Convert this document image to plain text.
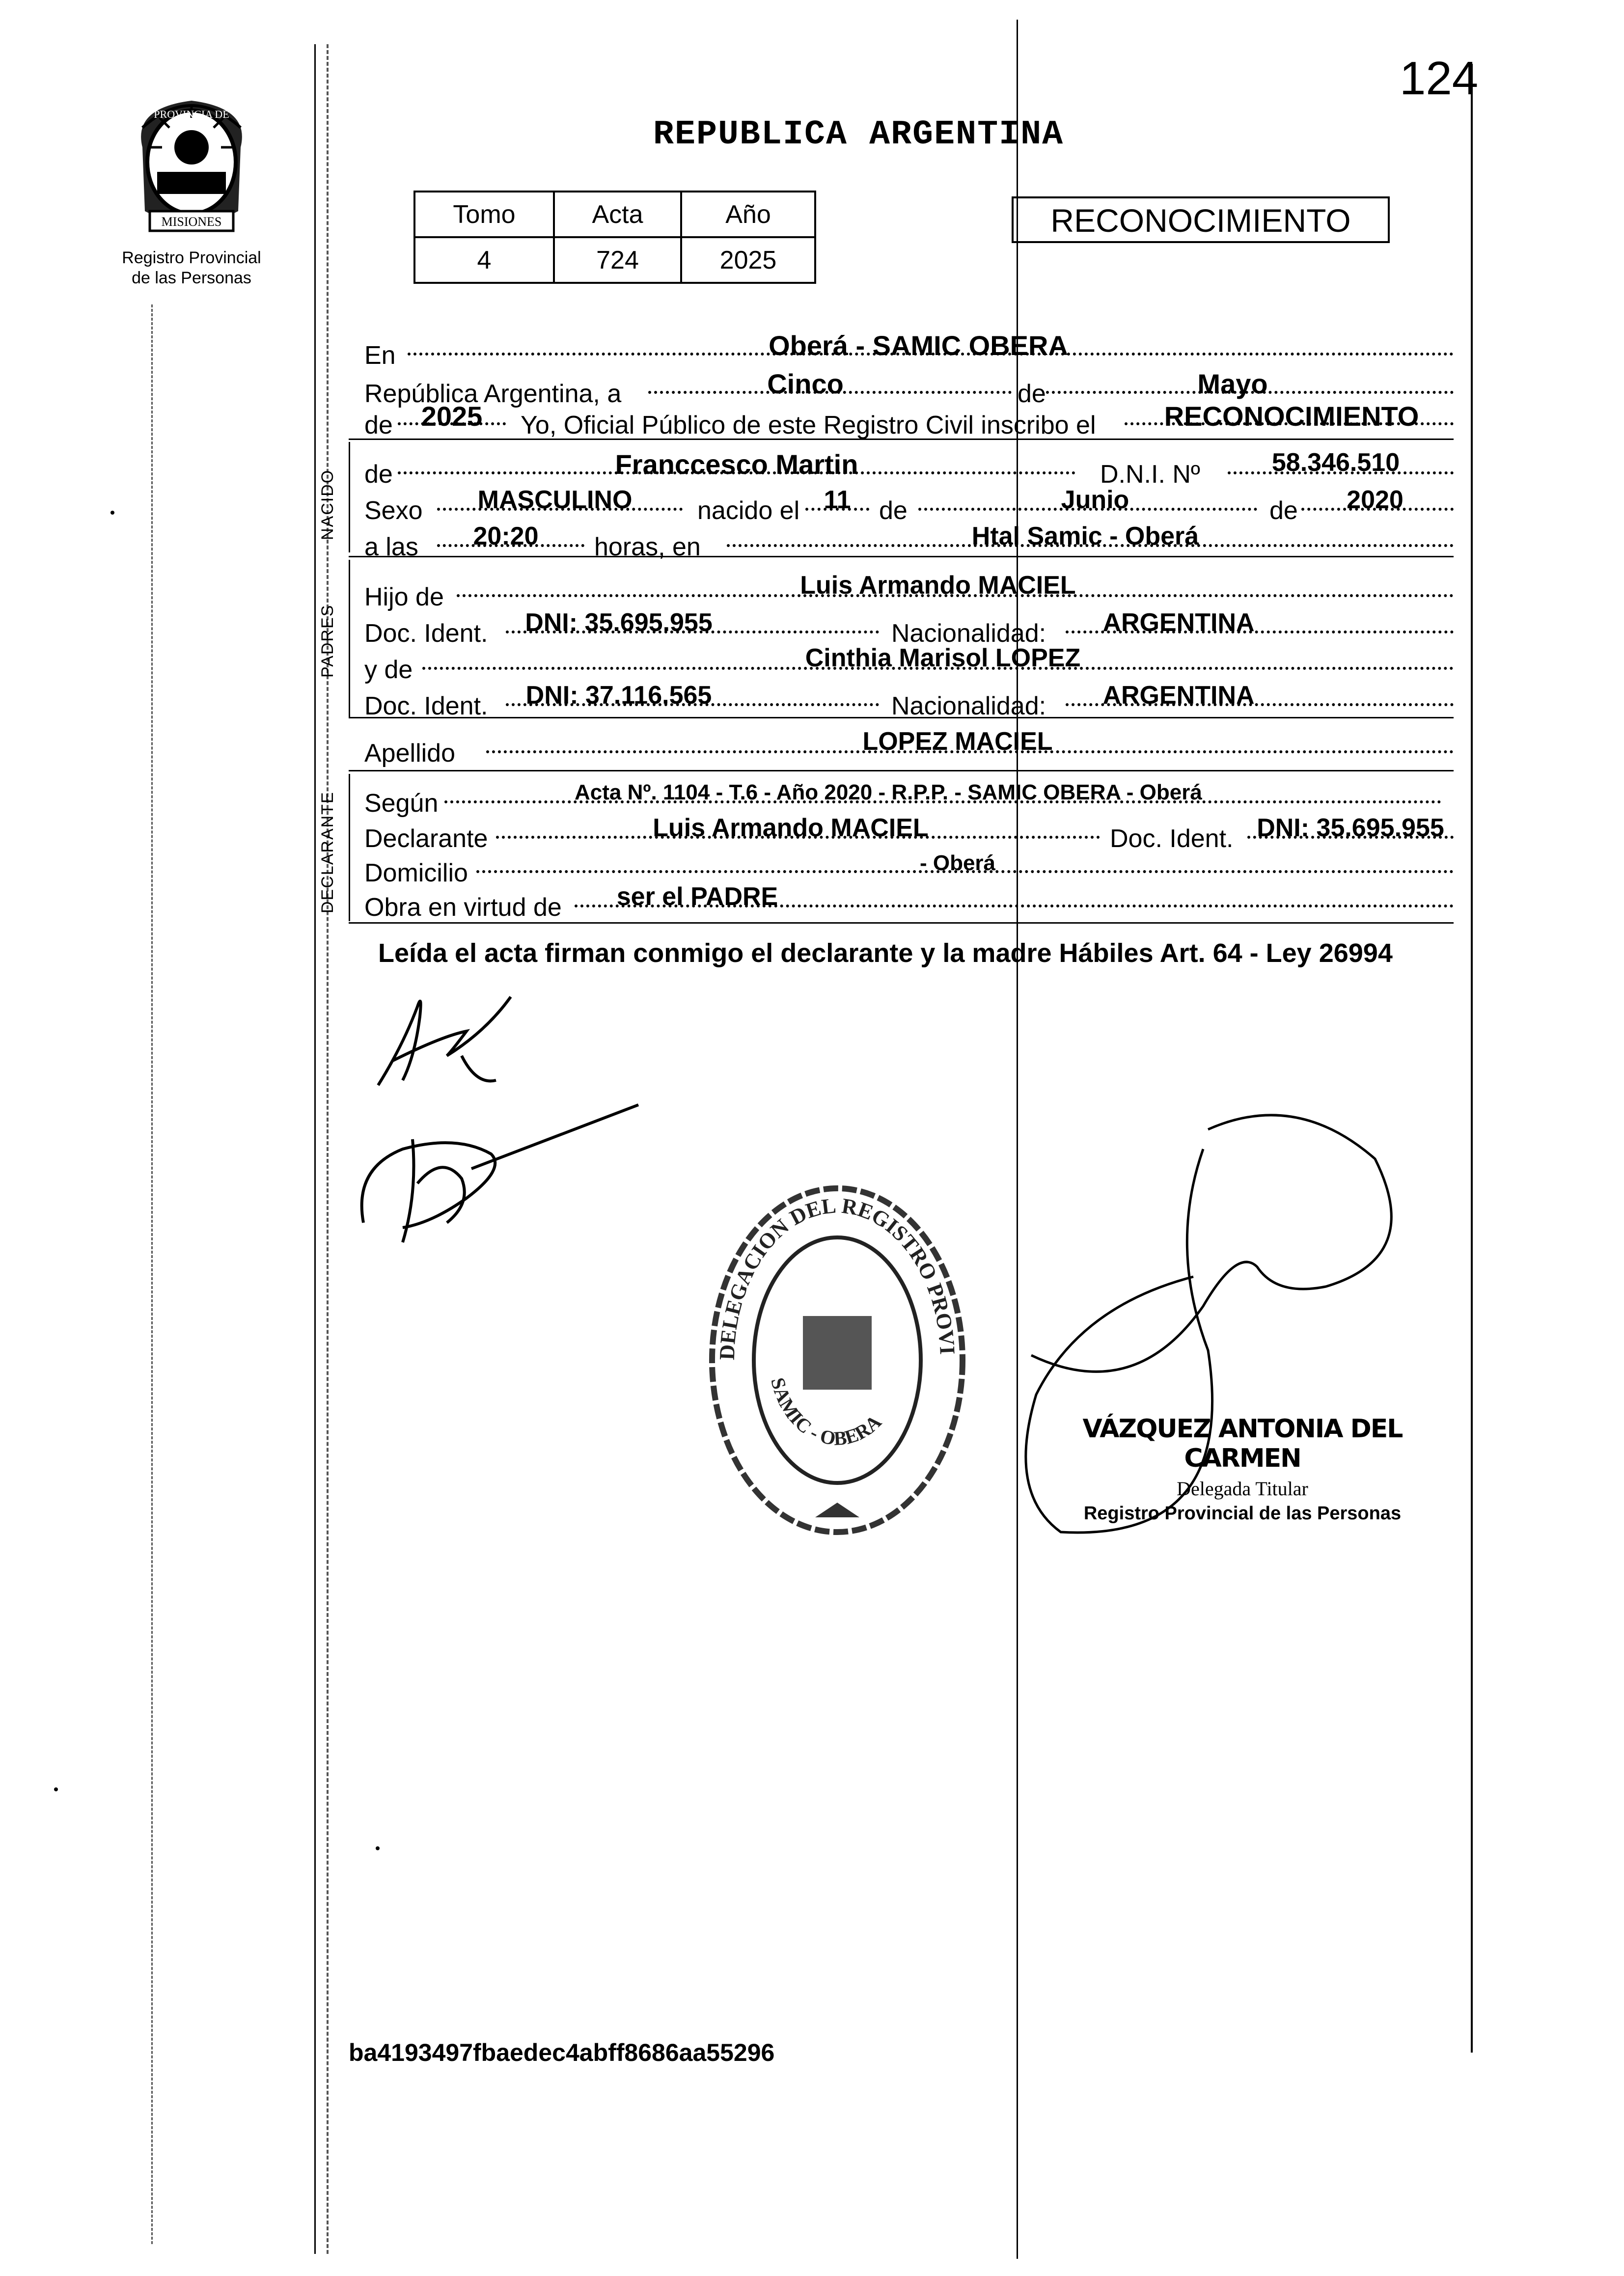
124
MISIONES
PROVINCIA DE
Registro Provincial
de las Personas
REPUBLICA ARGENTINA
Tomo	Acta	Año
4	724	2025
RECONOCIMIENTO
En	Oberá - SAMIC OBERA
República Argentina, a	Cinco	de	Mayo
de	2025	Yo, Oficial Público de este Registro Civil inscribo el	RECONOCIMIENTO
NACIDO de	Franccesco Martin	D.N.I. Nº	58.346.510
Sexo	MASCULINO	nacido el 11	de	Junio	de	2020
a las	20:20	horas, en	Htal Samic - Oberá
PADRES
Hijo de	Luis Armando MACIEL
Doc. Ident.	DNI: 35.695.955	Nacionalidad:	ARGENTINA
y de	Cinthia Marisol LOPEZ
Doc. Ident.	DNI: 37.116.565	Nacionalidad:	ARGENTINA
Apellido	LOPEZ MACIEL
DECLARANTE Según	Acta Nº. 1104 - T.6 - Año 2020 - R.P.P. - SAMIC OBERA - Oberá
Declarante	Luis Armando MACIEL	Doc. Ident. DNI: 35.695.955
Domicilio	- Oberá
Obra en virtud de	ser el PADRE
Leída el acta firman conmigo el declarante y la madre Hábiles Art. 64 - Ley 26994
DELEGACION DEL REGISTRO PROVI
SAMIC - OBERA	VÁZQUEZ ANTONIA DEL CARMEN
Delegada Titular
Registro Provincial de las Personas
ba4193497fbaedec4abff8686aa55296
